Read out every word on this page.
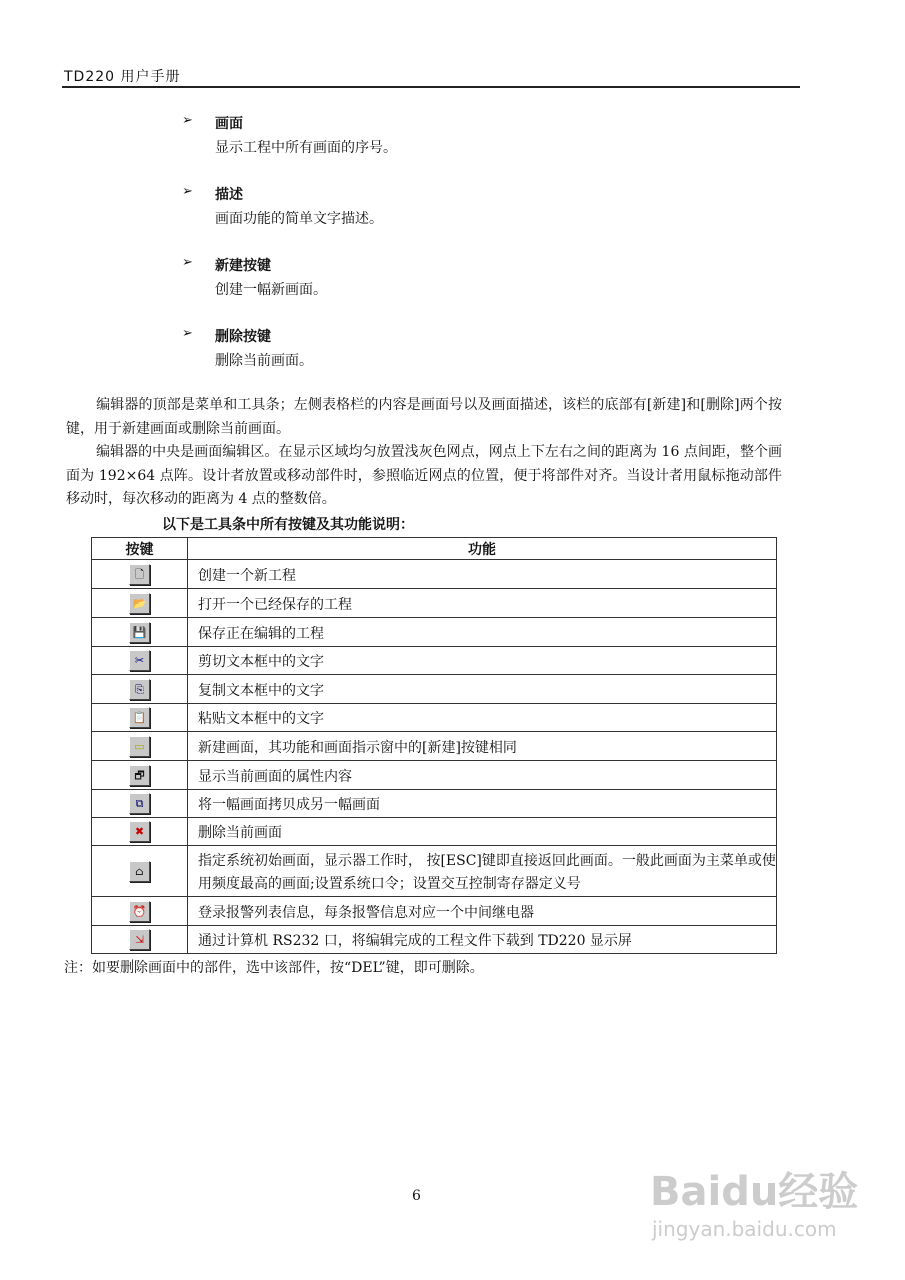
TD220 用户手册
➢ 画面
显示工程中所有画面的序号。
➢ 描述
画面功能的简单文字描述。
➢ 新建按键
创建一幅新画面。
➢ 删除按键
删除当前画面。
编辑器的顶部是菜单和工具条；左侧表格栏的内容是画面号以及画面描述，该栏的底部有[新建]和[删除]两个按键，用于新建画面或删除当前画面。
编辑器的中央是画面编辑区。在显示区域均匀放置浅灰色网点，网点上下左右之间的距离为 16 点间距，整个画面为 192×64 点阵。设计者放置或移动部件时，参照临近网点的位置，便于将部件对齐。当设计者用鼠标拖动部件移动时，每次移动的距离为 4 点的整数倍。
以下是工具条中所有按键及其功能说明：
按键	功能
🗋	创建一个新工程
📂	打开一个已经保存的工程
💾	保存正在编辑的工程
✂	剪切文本框中的文字
⎘	复制文本框中的文字
📋	粘贴文本框中的文字
▭	新建画面，其功能和画面指示窗中的[新建]按键相同
🗗	显示当前画面的属性内容
⧉	将一幅画面拷贝成另一幅画面
✖	删除当前画面
⌂	指定系统初始画面，显示器工作时， 按[ESC]键即直接返回此画面。一般此画面为主菜单或使用频度最高的画面;设置系统口令；设置交互控制寄存器定义号
⏰	登录报警列表信息，每条报警信息对应一个中间继电器
⇲	通过计算机 RS232 口，将编辑完成的工程文件下载到 TD220 显示屏
注：如要删除画面中的部件，选中该部件，按“DEL”键，即可删除。
6	Baidu经验
jingyan.baidu.com
